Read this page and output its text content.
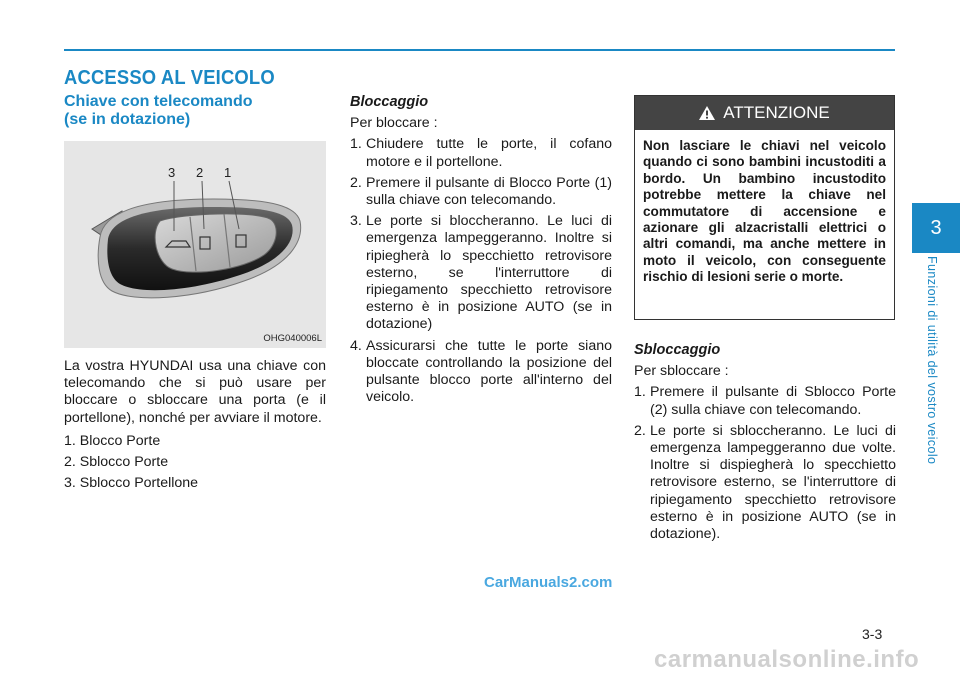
ACCESSO AL VEICOLO
Chiave con telecomando
(se in dotazione)
3 2 1
OHG040006L

La vostra HYUNDAI usa una chiave con telecomando che si può usare per bloccare o sbloccare una porta (e il portellone), nonché per avviare il motore.

1. Blocco Porte

2. Sblocco Porte

3. Sblocco Portellone

Bloccaggio

Per bloccare :

1. Chiudere tutte le porte, il cofano motore e il portellone.
2. Premere il pulsante di Blocco Porte (1) sulla chiave con telecomando.
3. Le porte si bloccheranno. Le luci di emergenza lampeggeranno. Inoltre si ripiegherà lo specchietto retrovisore esterno, se l'interruttore di ripiegamento specchietto retrovisore esterno è in posizione AUTO (se in dotazione)
4. Assicurarsi che tutte le porte siano bloccate controllando la posizione del pulsante blocco porte all'interno del veicolo.
ATTENZIONE
Non lasciare le chiavi nel veicolo quando ci sono bambini incustoditi a bordo. Un bambino incustodito potrebbe mettere la chiave nel commutatore di accensione e azionare gli alzacristalli elettrici o altri comandi, ma anche mettere in moto il veicolo, con conseguente rischio di lesioni serie o morte.
Sbloccaggio

Per sbloccare :

1. Premere il pulsante di Sblocco Porte (2) sulla chiave con telecomando.
2. Le porte si sbloccheranno. Le luci di emergenza lampeggeranno due volte. Inoltre si dispiegherà lo specchietto retrovisore esterno, se l'interruttore di ripiegamento specchietto retrovisore esterno è in posizione AUTO (se in dotazione).
3
Funzioni di utilità del vostro veicolo
3-3
CarManuals2.com
carmanualsonline.info
